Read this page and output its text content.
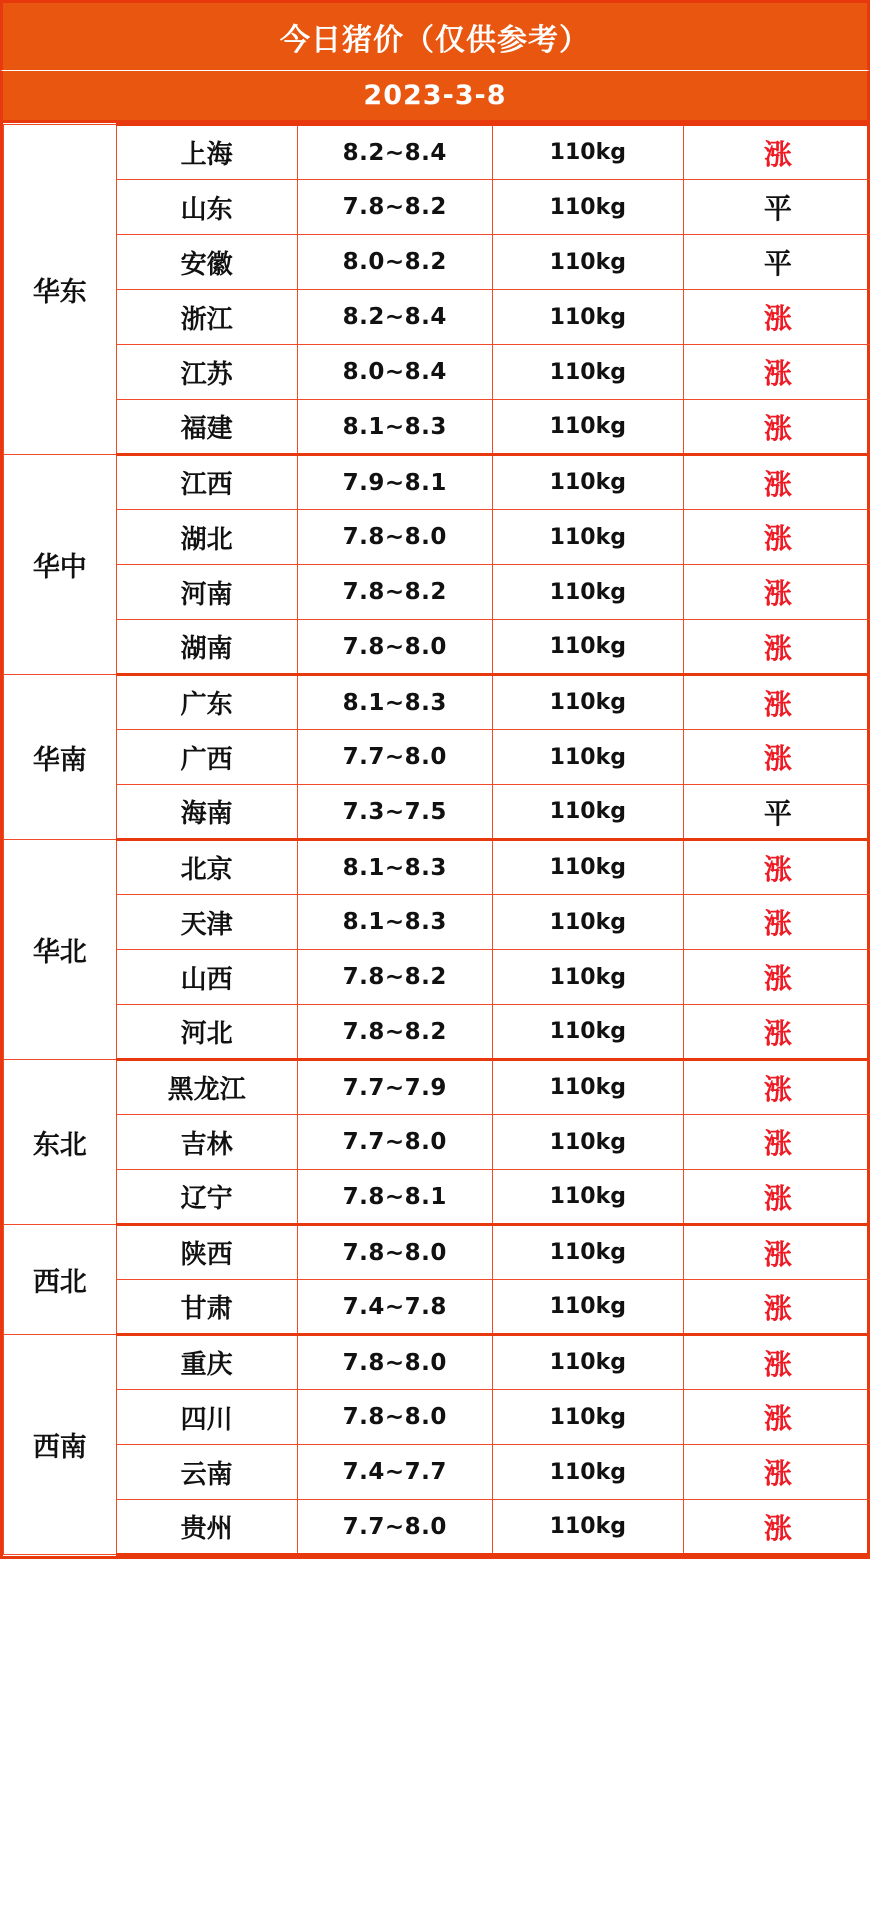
今日猪价（仅供参考）
2023-3-8
华东	上海	8.2~8.4	110kg	涨
	山东	7.8~8.2	110kg	平
	安徽	8.0~8.2	110kg	平
	浙江	8.2~8.4	110kg	涨
	江苏	8.0~8.4	110kg	涨
	福建	8.1~8.3	110kg	涨
华中	江西	7.9~8.1	110kg	涨
	湖北	7.8~8.0	110kg	涨
	河南	7.8~8.2	110kg	涨
	湖南	7.8~8.0	110kg	涨
华南	广东	8.1~8.3	110kg	涨
	广西	7.7~8.0	110kg	涨
	海南	7.3~7.5	110kg	平
华北	北京	8.1~8.3	110kg	涨
	天津	8.1~8.3	110kg	涨
	山西	7.8~8.2	110kg	涨
	河北	7.8~8.2	110kg	涨
东北	黑龙江	7.7~7.9	110kg	涨
	吉林	7.7~8.0	110kg	涨
	辽宁	7.8~8.1	110kg	涨
西北	陕西	7.8~8.0	110kg	涨
	甘肃	7.4~7.8	110kg	涨
西南	重庆	7.8~8.0	110kg	涨
	四川	7.8~8.0	110kg	涨
	云南	7.4~7.7	110kg	涨
	贵州	7.7~8.0	110kg	涨
